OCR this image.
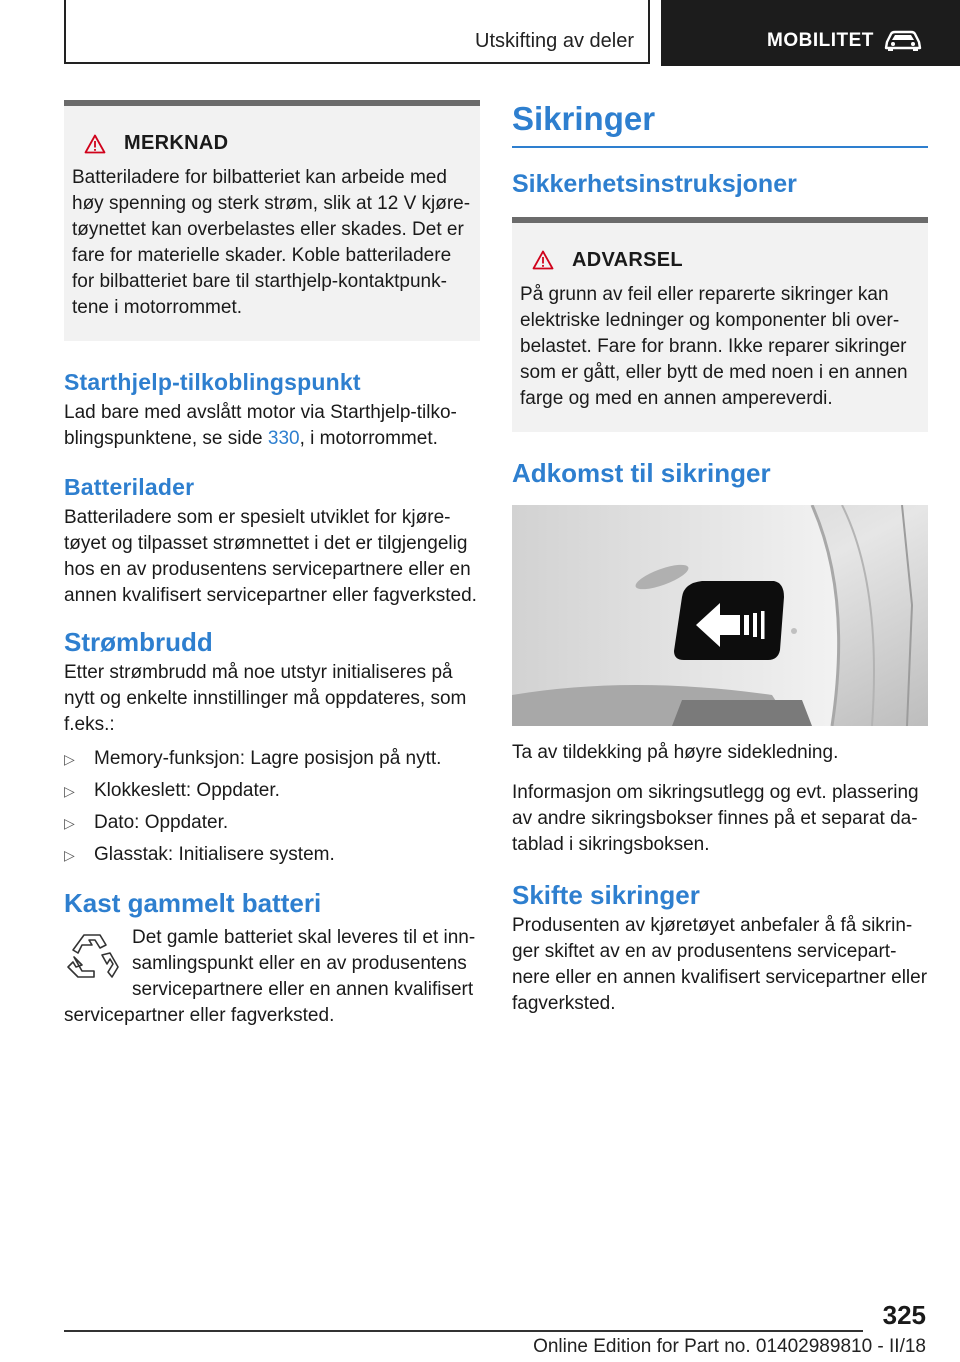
Utskifting av deler	MOBILITET
MERKNAD
Batteriladere for bilbatteriet kan arbeide med
høy spenning og sterk strøm, slik at 12 V kjøre-
tøynettet kan overbelastes eller skades. Det er
fare for materielle skader. Koble batteriladere
for bilbatteriet bare til starthjelp-kontaktpunk-
tene i motorrommet.
Starthjelp-tilkoblingspunkt

Lad bare med avslått motor via Starthjelp-tilko-
blingspunktene, se side 330, i motorrommet.

Batterilader

Batteriladere som er spesielt utviklet for kjøre-
tøyet og tilpasset strømnettet i det er tilgjengelig
hos en av produsentens servicepartnere eller en
annen kvalifisert servicepartner eller fagverksted.

Strømbrudd

Etter strømbrudd må noe utstyr initialiseres på
nytt og enkelte innstillinger må oppdateres, som
f.eks.:

▷	Memory-funksjon: Lagre posisjon på nytt.
▷	Klokkeslett: Oppdater.
▷	Dato: Oppdater.
▷	Glasstak: Initialisere system.
Kast gammelt batteri

Det gamle batteriet skal leveres til et inn-
samlingspunkt eller en av produsentens
servicepartnere eller en annen kvalifisert
servicepartner eller fagverksted.

Sikringer
Sikkerhetsinstruksjoner
ADVARSEL
På grunn av feil eller reparerte sikringer kan
elektriske ledninger og komponenter bli over-
belastet. Fare for brann. Ikke reparer sikringer
som er gått, eller bytt de med noen i en annen
farge og med en annen ampereverdi.
Adkomst til sikringer

Ta av tildekking på høyre sidekledning.

Informasjon om sikringsutlegg og evt. plassering
av andre sikringsbokser finnes på et separat da-
tablad i sikringsboksen.

Skifte sikringer

Produsenten av kjøretøyet anbefaler å få sikrin-
ger skiftet av en av produsentens servicepart-
nere eller en annen kvalifisert servicepartner eller
fagverksted.

325
Online Edition for Part no. 01402989810 - II/18
